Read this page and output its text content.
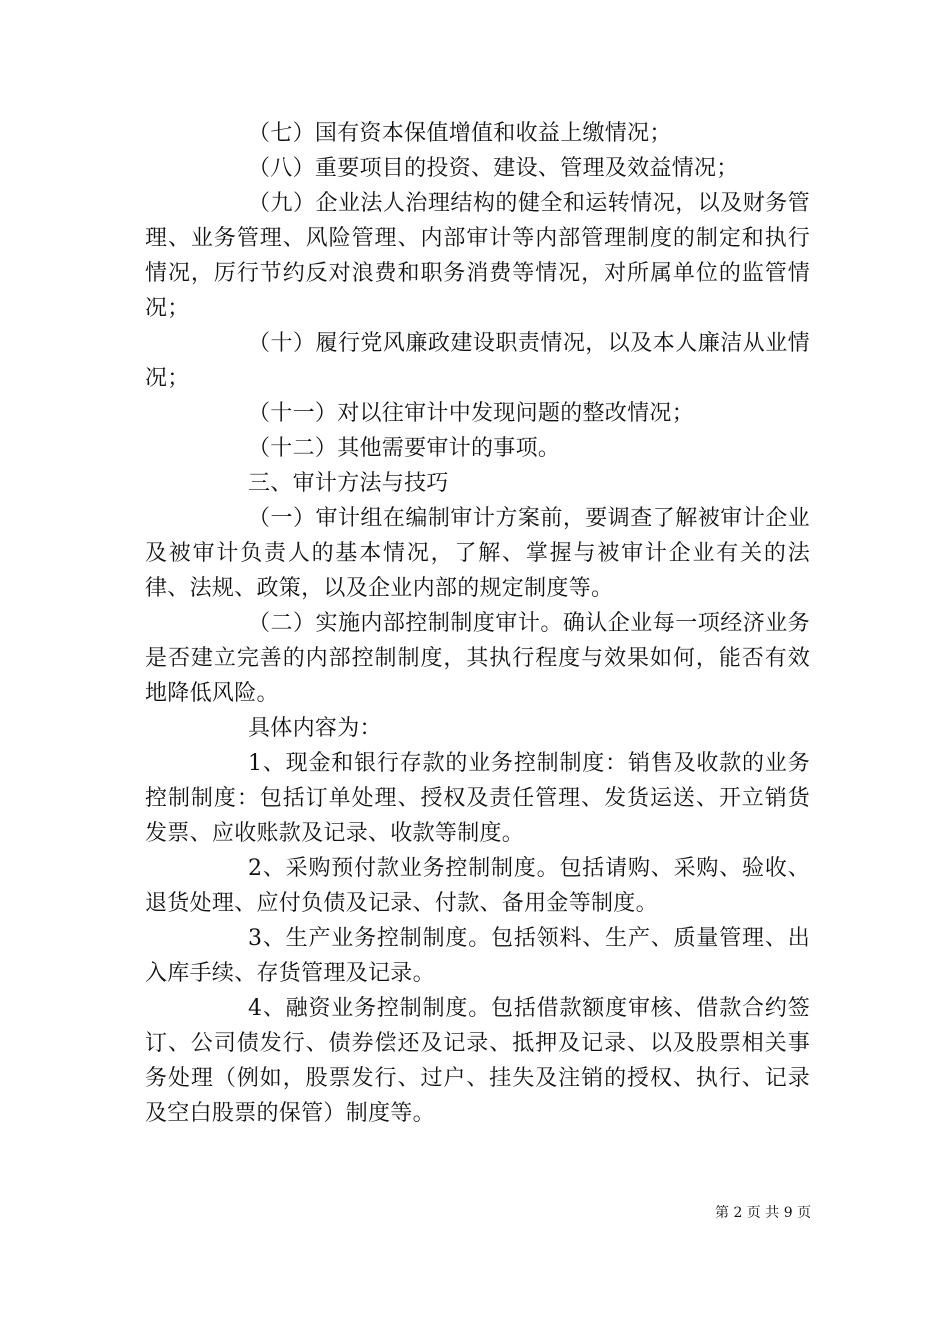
（七）国有资本保值增值和收益上缴情况；

（八）重要项目的投资、建设、管理及效益情况；

（九）企业法人治理结构的健全和运转情况，以及财务管理、业务管理、风险管理、内部审计等内部管理制度的制定和执行情况，厉行节约反对浪费和职务消费等情况，对所属单位的监管情况；

（十）履行党风廉政建设职责情况，以及本人廉洁从业情况；

（十一）对以往审计中发现问题的整改情况；

（十二）其他需要审计的事项。

三、审计方法与技巧

（一）审计组在编制审计方案前，要调查了解被审计企业及被审计负责人的基本情况，了解、掌握与被审计企业有关的法律、法规、政策，以及企业内部的规定制度等。

（二）实施内部控制制度审计。确认企业每一项经济业务是否建立完善的内部控制制度，其执行程度与效果如何，能否有效地降低风险。

具体内容为：

1、现金和银行存款的业务控制制度：销售及收款的业务控制制度：包括订单处理、授权及责任管理、发货运送、开立销货发票、应收账款及记录、收款等制度。

2、采购预付款业务控制制度。包括请购、采购、验收、退货处理、应付负债及记录、付款、备用金等制度。

3、生产业务控制制度。包括领料、生产、质量管理、出入库手续、存货管理及记录。

4、融资业务控制制度。包括借款额度审核、借款合约签订、公司债发行、债券偿还及记录、抵押及记录、以及股票相关事务处理（例如，股票发行、过户、挂失及注销的授权、执行、记录及空白股票的保管）制度等。

第 2 页 共 9 页
